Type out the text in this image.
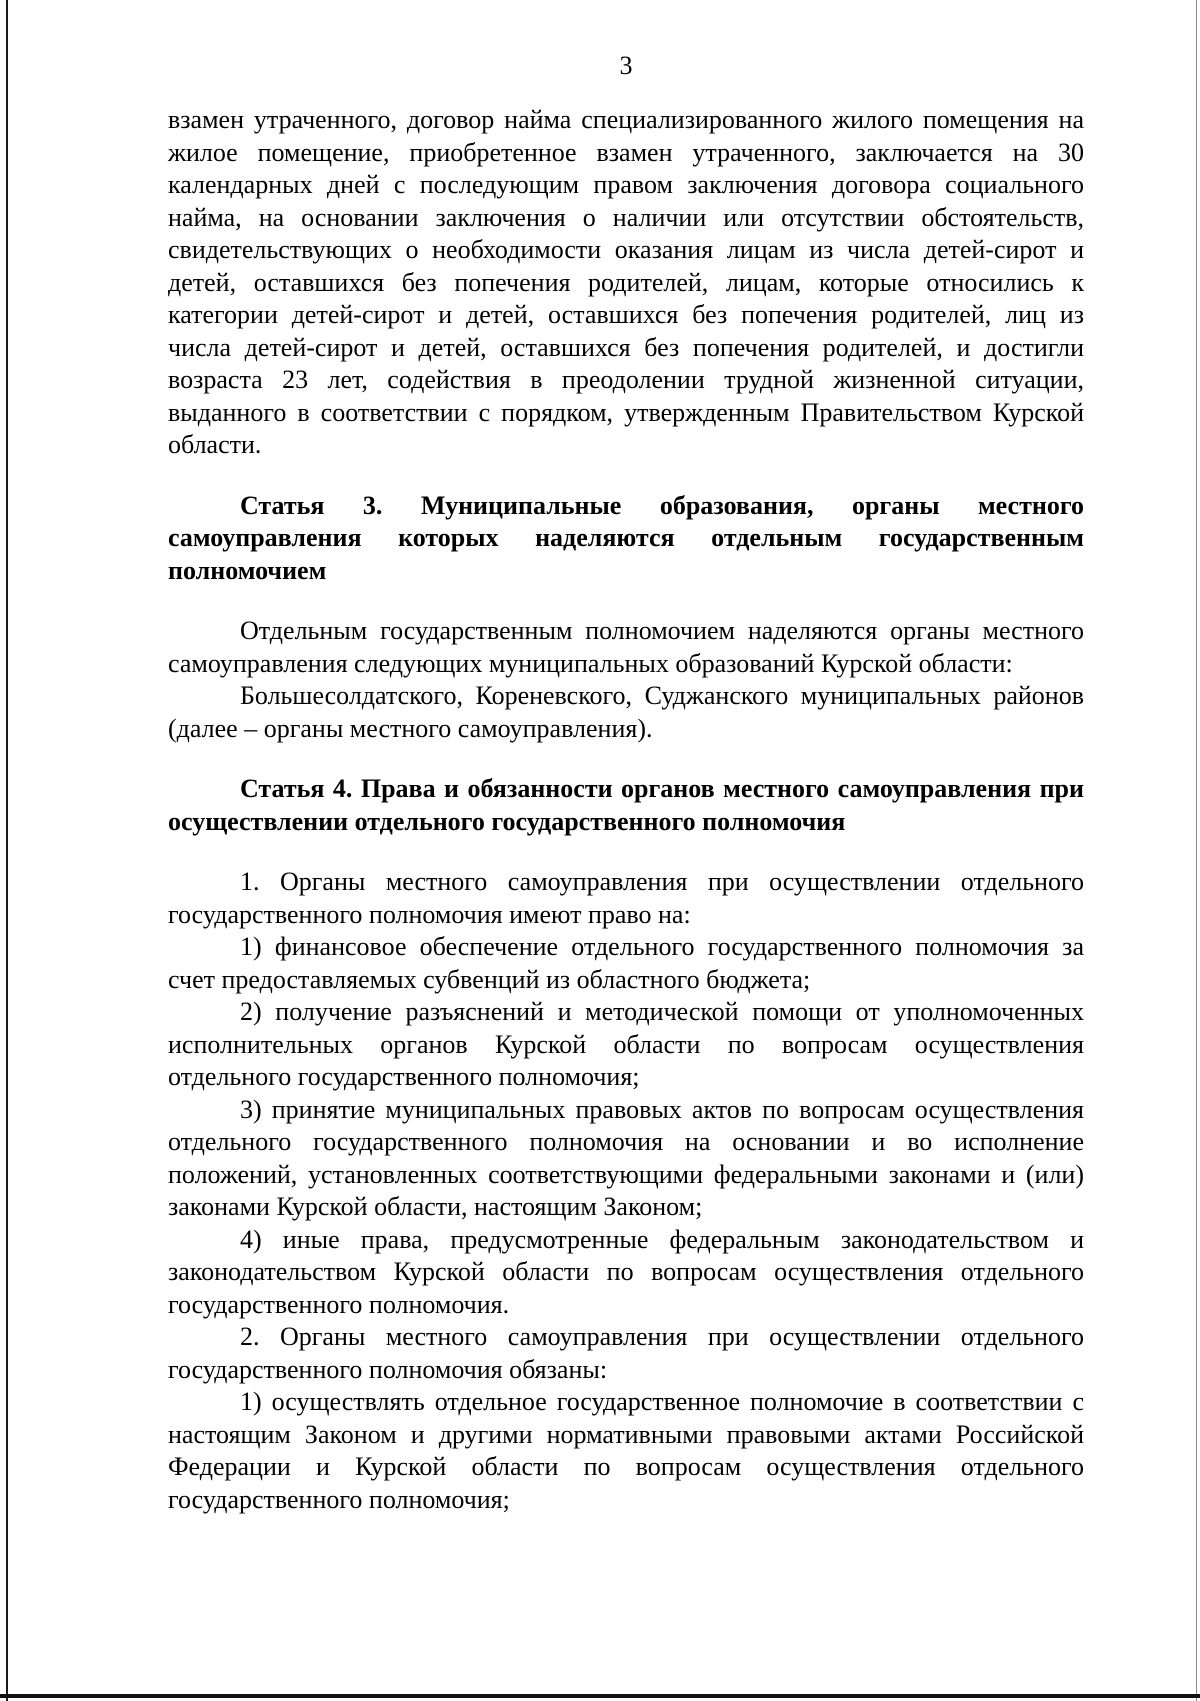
3

взамен утраченного, договор найма специализированного жилого помещения на жилое помещение, приобретенное взамен утраченного, заключается на 30 календарных дней с последующим правом заключения договора социального найма, на основании заключения о наличии или отсутствии обстоятельств, свидетельствующих о необходимости оказания лицам из числа детей-сирот и детей, оставшихся без попечения родителей, лицам, которые относились к категории детей-сирот и детей, оставшихся без попечения родителей, лиц из числа детей-сирот и детей, оставшихся без попечения родителей, и достигли возраста 23 лет, содействия в преодолении трудной жизненной ситуации, выданного в соответствии с порядком, утвержденным Правительством Курской области.

Статья 3. Муниципальные образования, органы местного самоуправления которых наделяются отдельным государственным полномочием

Отдельным государственным полномочием наделяются органы местного самоуправления следующих муниципальных образований Курской области:

Большесолдатского, Кореневского, Суджанского муниципальных районов (далее – органы местного самоуправления).

Статья 4. Права и обязанности органов местного самоуправления при осуществлении отдельного государственного полномочия

1. Органы местного самоуправления при осуществлении отдельного государственного полномочия имеют право на:

1) финансовое обеспечение отдельного государственного полномочия за счет предоставляемых субвенций из областного бюджета;

2) получение разъяснений и методической помощи от уполномоченных исполнительных органов Курской области по вопросам осуществления отдельного государственного полномочия;

3) принятие муниципальных правовых актов по вопросам осуществления отдельного государственного полномочия на основании и во исполнение положений, установленных соответствующими федеральными законами и (или) законами Курской области, настоящим Законом;

4) иные права, предусмотренные федеральным законодательством и законодательством Курской области по вопросам осуществления отдельного государственного полномочия.

2. Органы местного самоуправления при осуществлении отдельного государственного полномочия обязаны:

1) осуществлять отдельное государственное полномочие в соответствии с настоящим Законом и другими нормативными правовыми актами Российской Федерации и Курской области по вопросам осуществления отдельного государственного полномочия;
